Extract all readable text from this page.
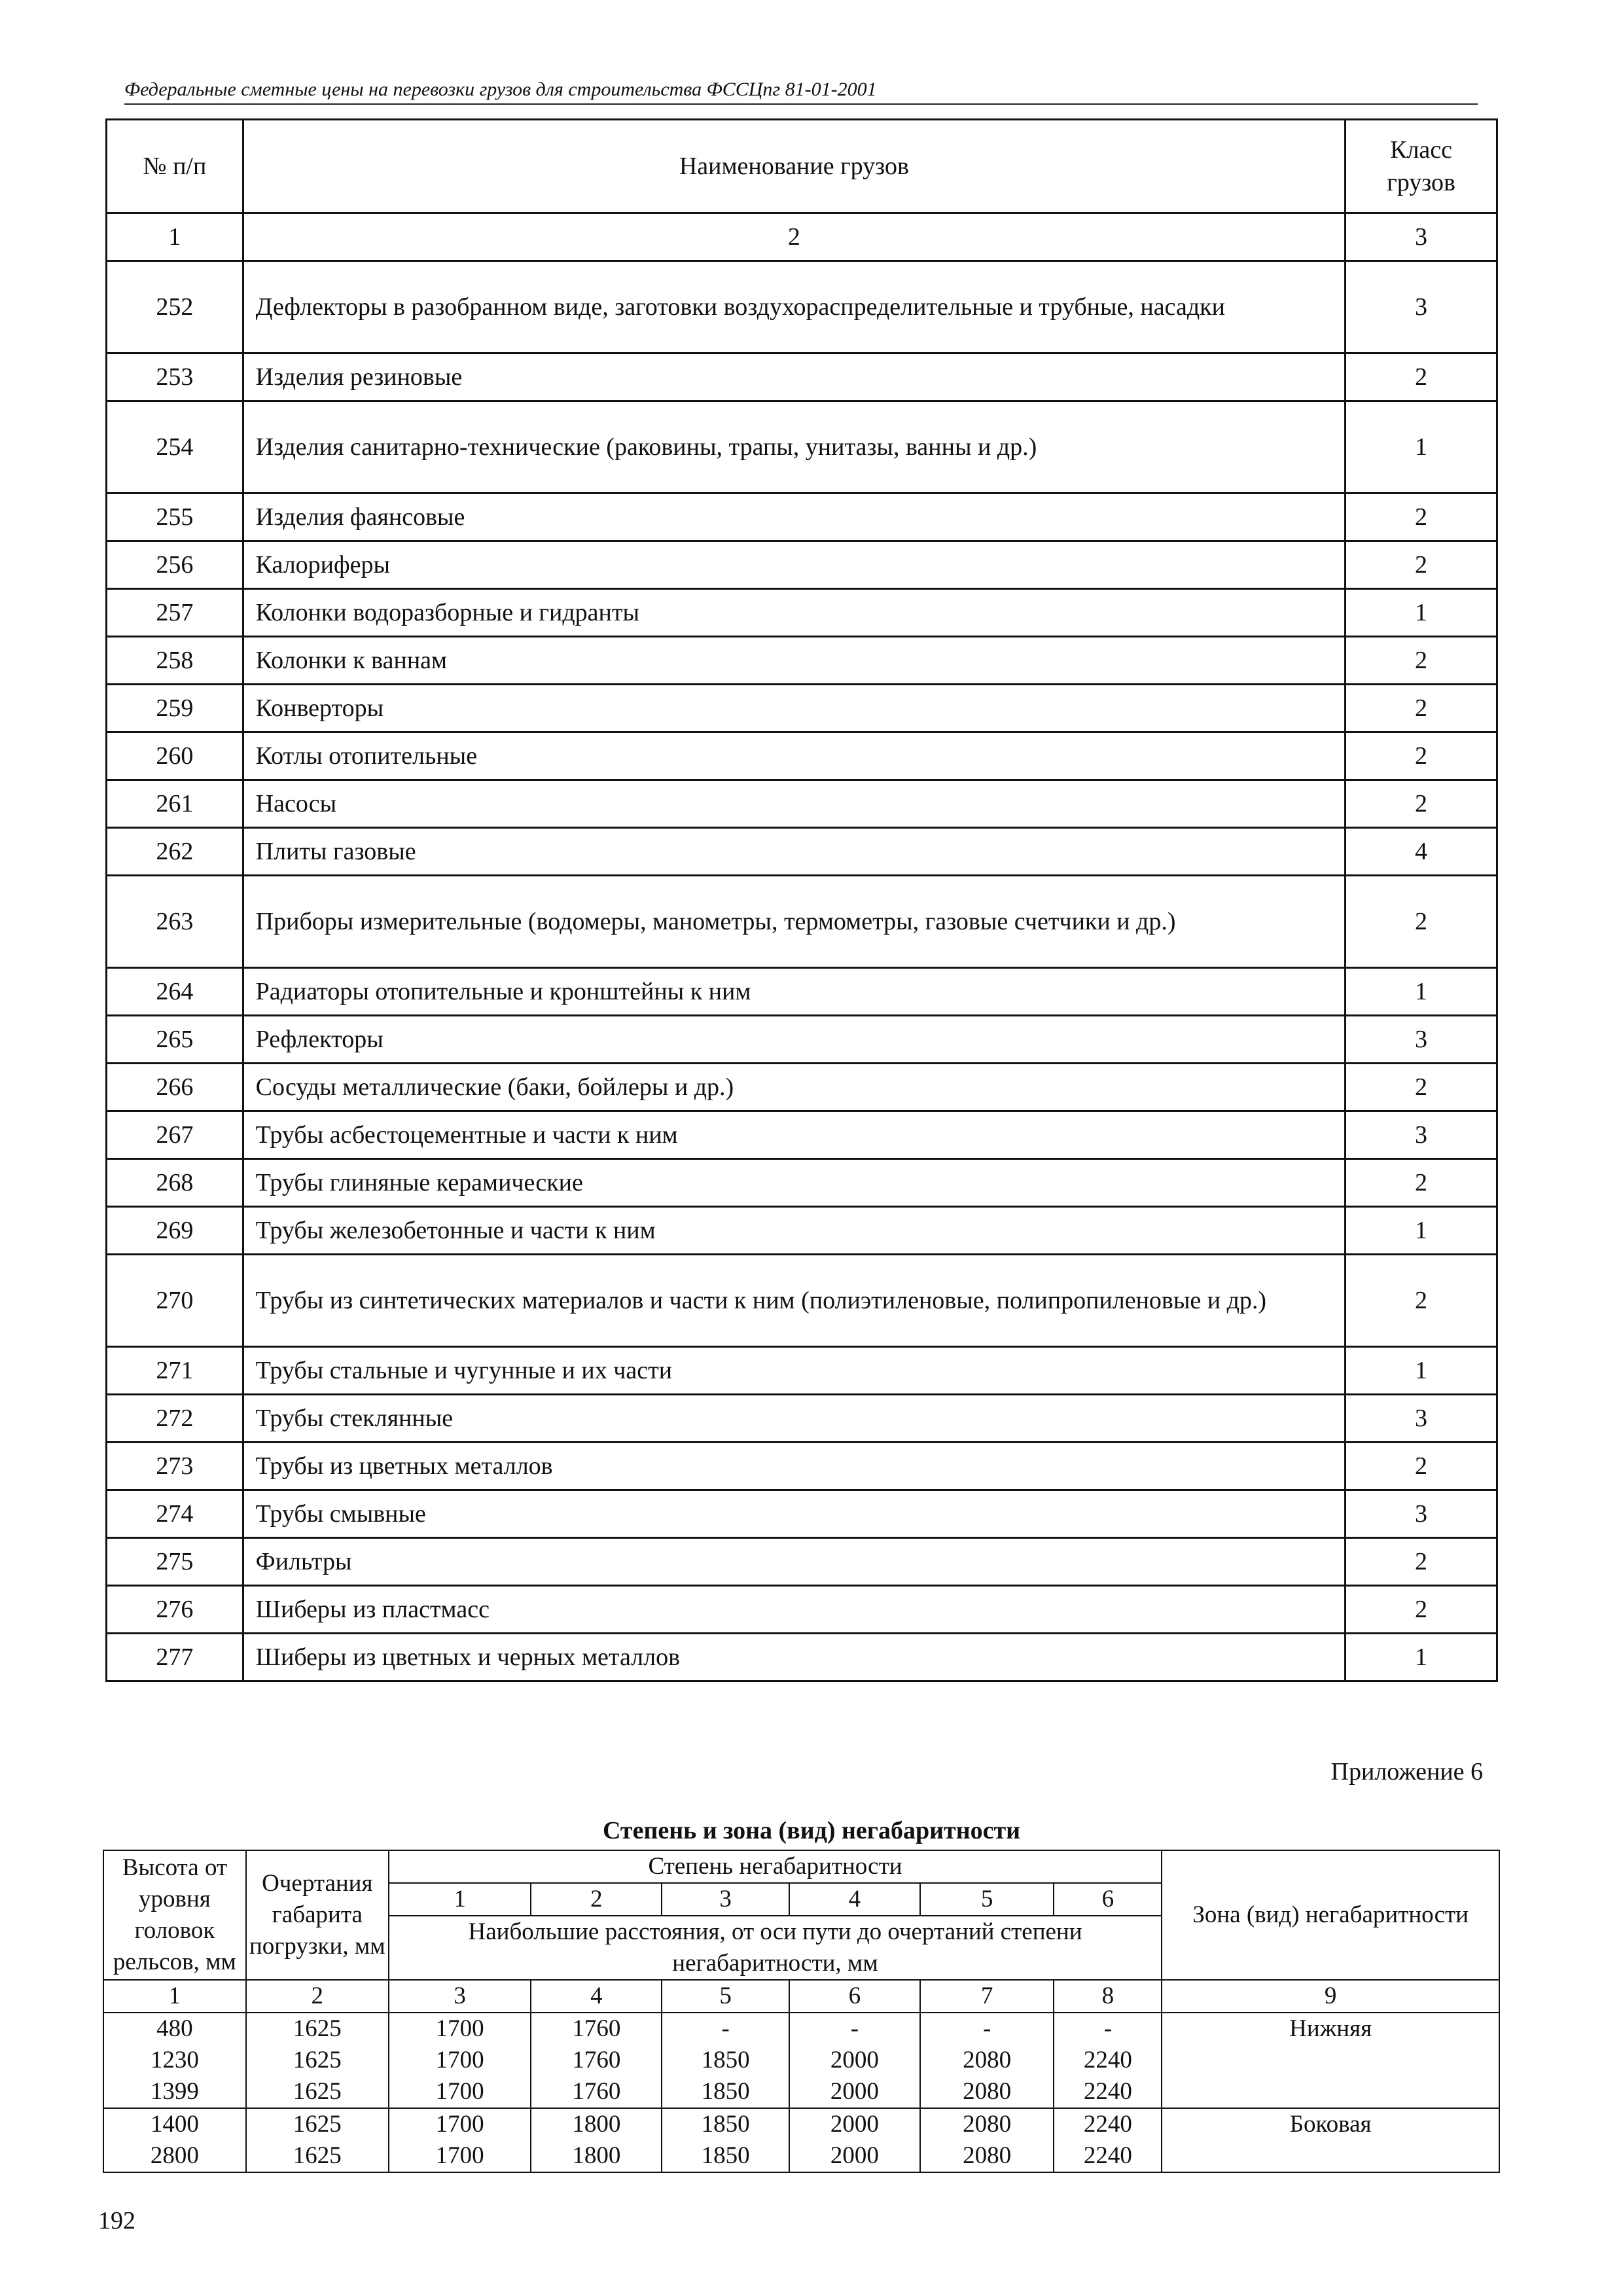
Федеральные сметные цены на перевозки грузов для строительства ФССЦпг 81-01-2001
№ п/п	Наименование грузов	Класс грузов
1	2	3
252	Дефлекторы в разобранном виде, заготовки воздухораспределительные и трубные, насадки	3
253	Изделия резиновые	2
254	Изделия санитарно-технические (раковины, трапы, унитазы, ванны и др.)	1
255	Изделия фаянсовые	2
256	Калориферы	2
257	Колонки водоразборные и гидранты	1
258	Колонки к ваннам	2
259	Конверторы	2
260	Котлы отопительные	2
261	Насосы	2
262	Плиты газовые	4
263	Приборы измерительные (водомеры, манометры, термометры, газовые счетчики и др.)	2
264	Радиаторы отопительные и кронштейны к ним	1
265	Рефлекторы	3
266	Сосуды металлические (баки, бойлеры и др.)	2
267	Трубы асбестоцементные и части к ним	3
268	Трубы глиняные керамические	2
269	Трубы железобетонные и части к ним	1
270	Трубы из синтетических материалов и части к ним (полиэтиленовые, полипропиленовые и др.)	2
271	Трубы стальные и чугунные и их части	1
272	Трубы стеклянные	3
273	Трубы из цветных металлов	2
274	Трубы смывные	3
275	Фильтры	2
276	Шиберы из пластмасс	2
277	Шиберы из цветных и черных металлов	1
Приложение 6
Степень и зона (вид) негабаритности
Высота от уровня головок рельсов, мм	Очертания габарита погрузки, мм	Степень негабаритности						Зона (вид) негабаритности
		1	2	3	4	5	6	
		Наибольшие расстояния, от оси пути до очертаний степени негабаритности, мм						
1	2	3	4	5	6	7	8	9
480	1625	1700	1760	-	-	-	-	Нижняя
1230	1625	1700	1760	1850	2000	2080	2240	
1399	1625	1700	1760	1850	2000	2080	2240	
1400	1625	1700	1800	1850	2000	2080	2240	Боковая
2800	1625	1700	1800	1850	2000	2080	2240	
192
